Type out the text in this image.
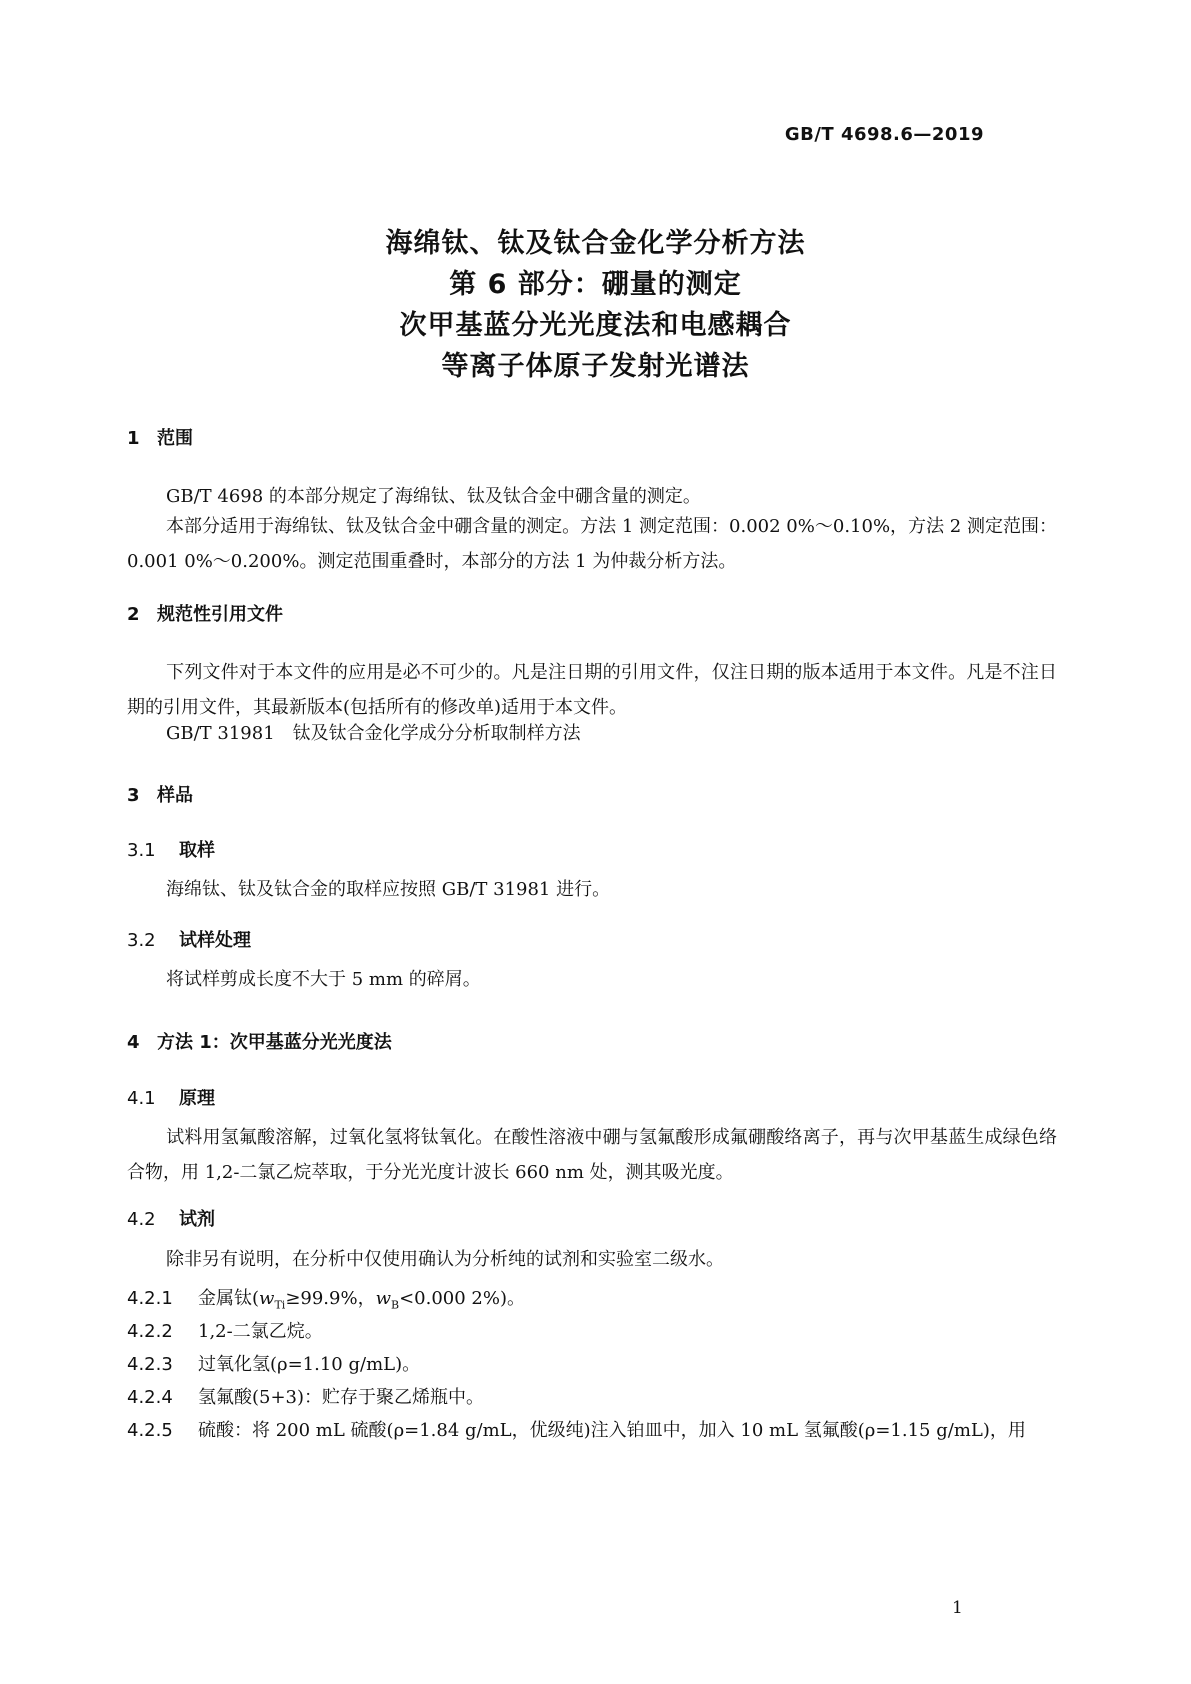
GB/T 4698.6—2019
海绵钛、钛及钛合金化学分析方法
第 6 部分：硼量的测定
次甲基蓝分光光度法和电感耦合
等离子体原子发射光谱法
1 范围
GB/T 4698 的本部分规定了海绵钛、钛及钛合金中硼含量的测定。
本部分适用于海绵钛、钛及钛合金中硼含量的测定。方法 1 测定范围：0.002 0%～0.10%，方法 2 测定范围：0.001 0%～0.200%。测定范围重叠时，本部分的方法 1 为仲裁分析方法。
2 规范性引用文件
下列文件对于本文件的应用是必不可少的。凡是注日期的引用文件，仅注日期的版本适用于本文件。凡是不注日期的引用文件，其最新版本(包括所有的修改单)适用于本文件。
GB/T 31981　钛及钛合金化学成分分析取制样方法
3 样品
3.1 取样
海绵钛、钛及钛合金的取样应按照 GB/T 31981 进行。
3.2 试样处理
将试样剪成长度不大于 5 mm 的碎屑。
4 方法 1：次甲基蓝分光光度法
4.1 原理
试料用氢氟酸溶解，过氧化氢将钛氧化。在酸性溶液中硼与氢氟酸形成氟硼酸络离子，再与次甲基蓝生成绿色络合物，用 1,2-二氯乙烷萃取，于分光光度计波长 660 nm 处，测其吸光度。
4.2 试剂
除非另有说明，在分析中仅使用确认为分析纯的试剂和实验室二级水。
4.2.1 金属钛($w_{Ti}\ge 99.9\%$，$w_B<0.000$ 2%)。
4.2.2 1,2-二氯乙烷。
4.2.3 过氧化氢(ρ=1.10 g/mL)。
4.2.4 氢氟酸(5+3)：贮存于聚乙烯瓶中。
4.2.5 硫酸：将 200 mL 硫酸(ρ=1.84 g/mL，优级纯)注入铂皿中，加入 10 mL 氢氟酸(ρ=1.15 g/mL)，用
1
